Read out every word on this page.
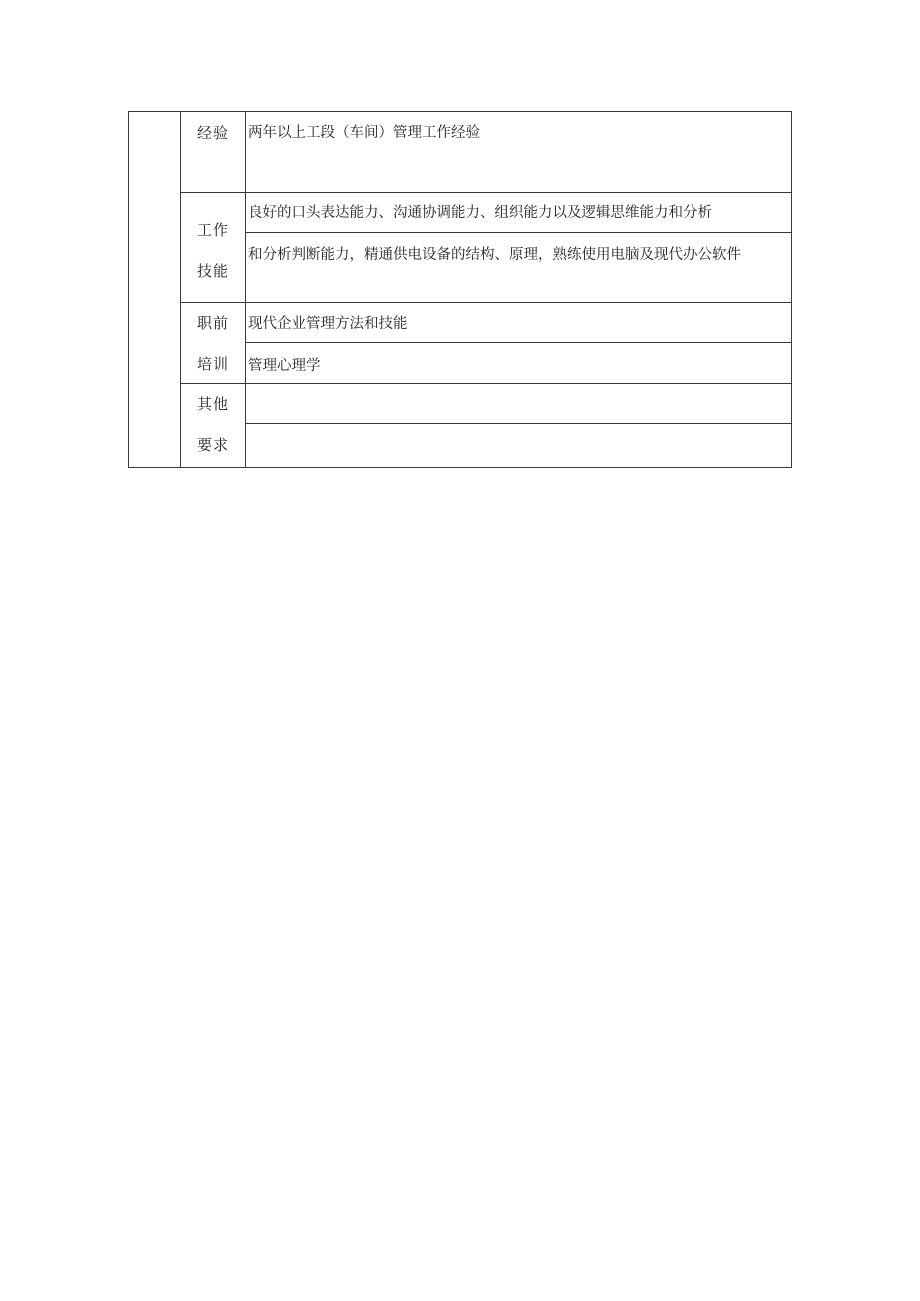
经验
工作
技能
职前
培训
其他
要求
两年以上工段（车间）管理工作经验
良好的口头表达能力、沟通协调能力、组织能力以及逻辑思维能力和分析
和分析判断能力，精通供电设备的结构、原理，熟练使用电脑及现代办公软件
现代企业管理方法和技能
管理心理学
